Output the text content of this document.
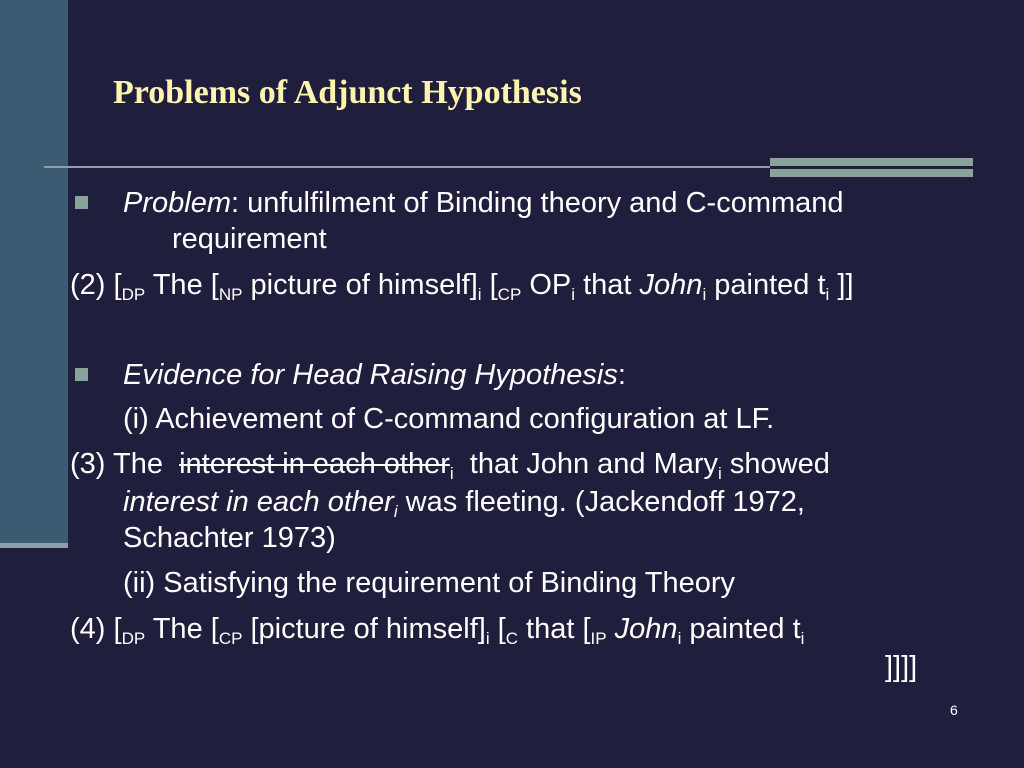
Problems of Adjunct Hypothesis
Problem: unfulfilment of Binding theory and C-command
requirement
(2) [$_{DP}$ The [$_{NP}$ picture of $himself]_i$ [$_{CP}$ $OP_i$ that John$_i$ painted $t_i$ ]]
Evidence for Head Raising Hypothesis:
(i) Achievement of C-command configuration at LF.
(3) The  interest in each other$_i$  that John and Mary$_i$ showed
interest in each other$_i$ was fleeting. (Jackendoff 1972,
Schachter 1973)
(ii) Satisfying the requirement of Binding Theory
(4) [$_{DP}$ The [$_{CP}$ [picture of $himself]_i$ [$_C$ that [$_{IP}$ John$_i$ painted $t_i$
]]]]
6
